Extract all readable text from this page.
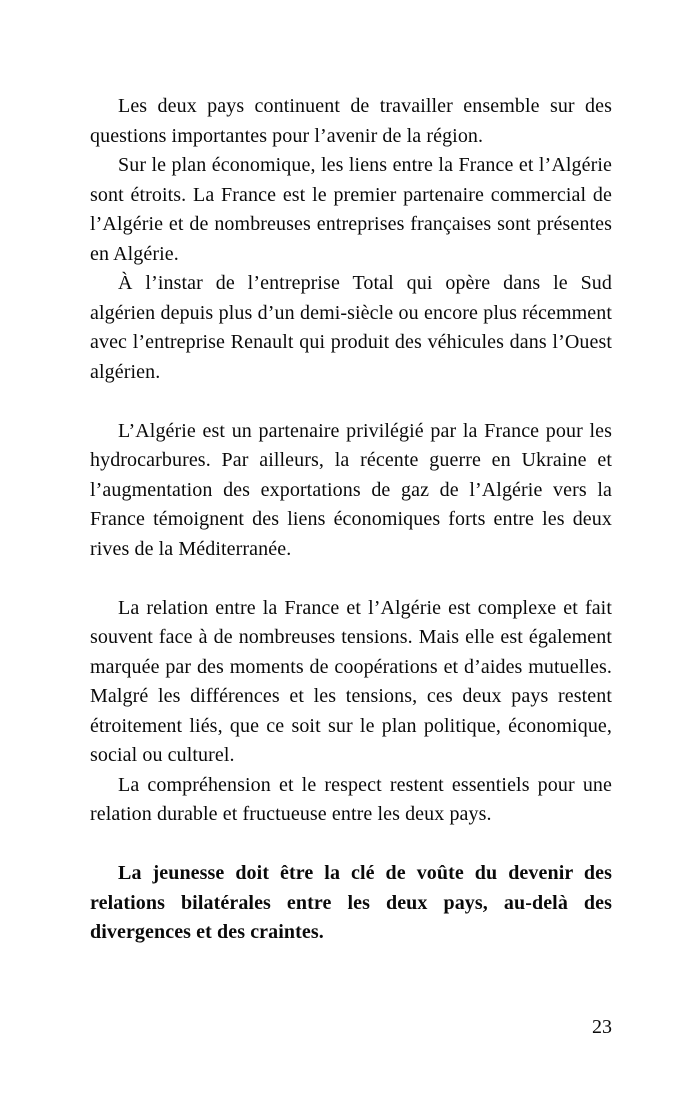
Les deux pays continuent de travailler ensemble sur des questions importantes pour l’avenir de la région.

Sur le plan économique, les liens entre la France et l’Algérie sont étroits. La France est le premier partenaire commercial de l’Algérie et de nombreuses entreprises françaises sont présentes en Algérie.

À l’instar de l’entreprise Total qui opère dans le Sud algérien depuis plus d’un demi-siècle ou encore plus récemment avec l’entreprise Renault qui produit des véhicules dans l’Ouest algérien.

L’Algérie est un partenaire privilégié par la France pour les hydrocarbures. Par ailleurs, la récente guerre en Ukraine et l’augmentation des exportations de gaz de l’Algérie vers la France témoignent des liens économiques forts entre les deux rives de la Méditerranée.

La relation entre la France et l’Algérie est complexe et fait souvent face à de nombreuses tensions. Mais elle est également marquée par des moments de coopérations et d’aides mutuelles. Malgré les différences et les tensions, ces deux pays restent étroitement liés, que ce soit sur le plan politique, économique, social ou culturel.

La compréhension et le respect restent essentiels pour une relation durable et fructueuse entre les deux pays.

La jeunesse doit être la clé de voûte du devenir des relations bilatérales entre les deux pays, au-delà des divergences et des craintes.

23
